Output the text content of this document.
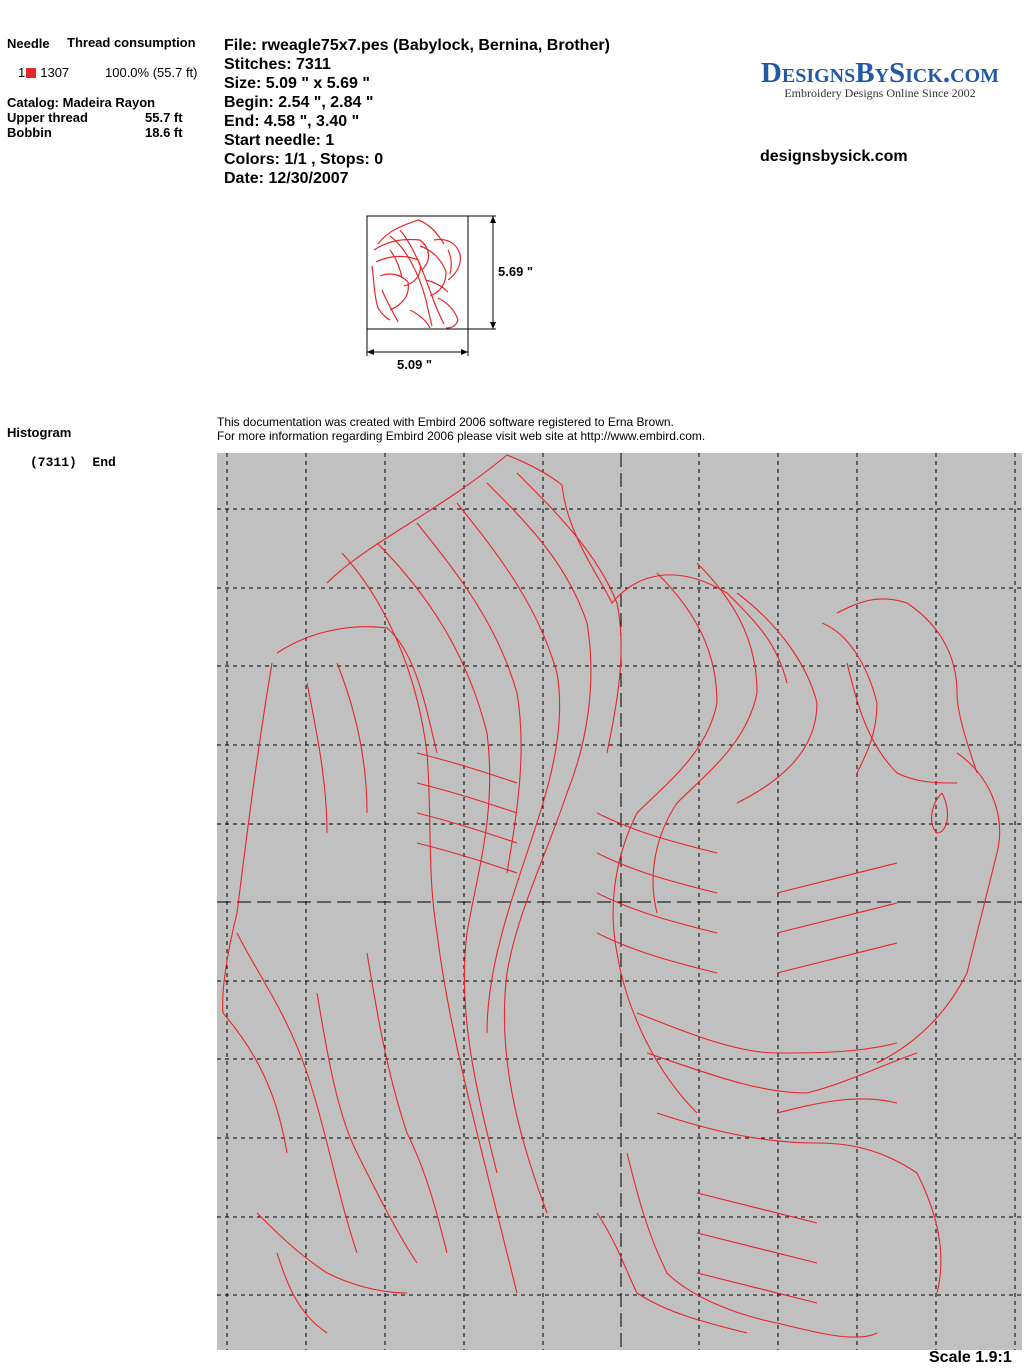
Needle Thread consumption
1 1307	100.0% (55.7 ft)
Catalog: Madeira Rayon
Upper thread	55.7 ft
Bobbin	18.6 ft
File: rweagle75x7.pes (Babylock, Bernina, Brother)
Stitches: 7311
Size: 5.09 " x 5.69 "
Begin: 2.54 ", 2.84 "
End: 4.58 ", 3.40 "
Start needle: 1
Colors: 1/1 , Stops: 0
Date: 12/30/2007
DesignsBySick.com
Embroidery Designs Online Since 2002
designsbysick.com
5.69 "
5.09 "
Histogram
(7311)  End
This documentation was created with Embird 2006 software registered to Erna Brown.
For more information regarding Embird 2006 please visit web site at http://www.embird.com.
Scale 1.9:1
